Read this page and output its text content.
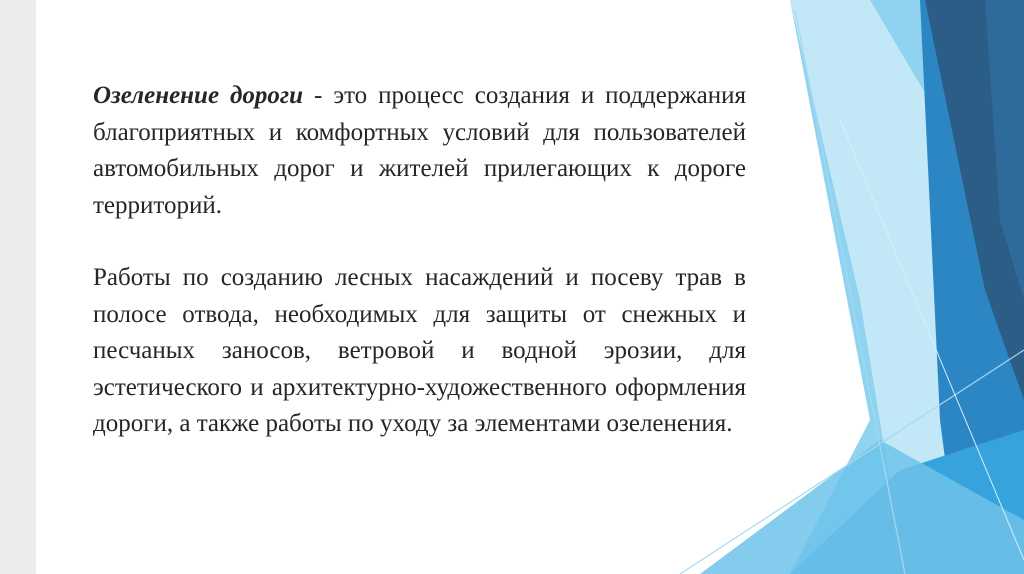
Озеленение дороги - это процесс создания и поддержания благоприятных и комфортных условий для пользователей автомобильных дорог и жителей прилегающих к дороге территорий.

Работы по созданию лесных насаждений и посеву трав в полосе отвода, необходимых для защиты от снежных и песчаных заносов, ветровой и водной эрозии, для эстетического и архитектурно-художественного оформления дороги, а также работы по уходу за элементами озеленения.
